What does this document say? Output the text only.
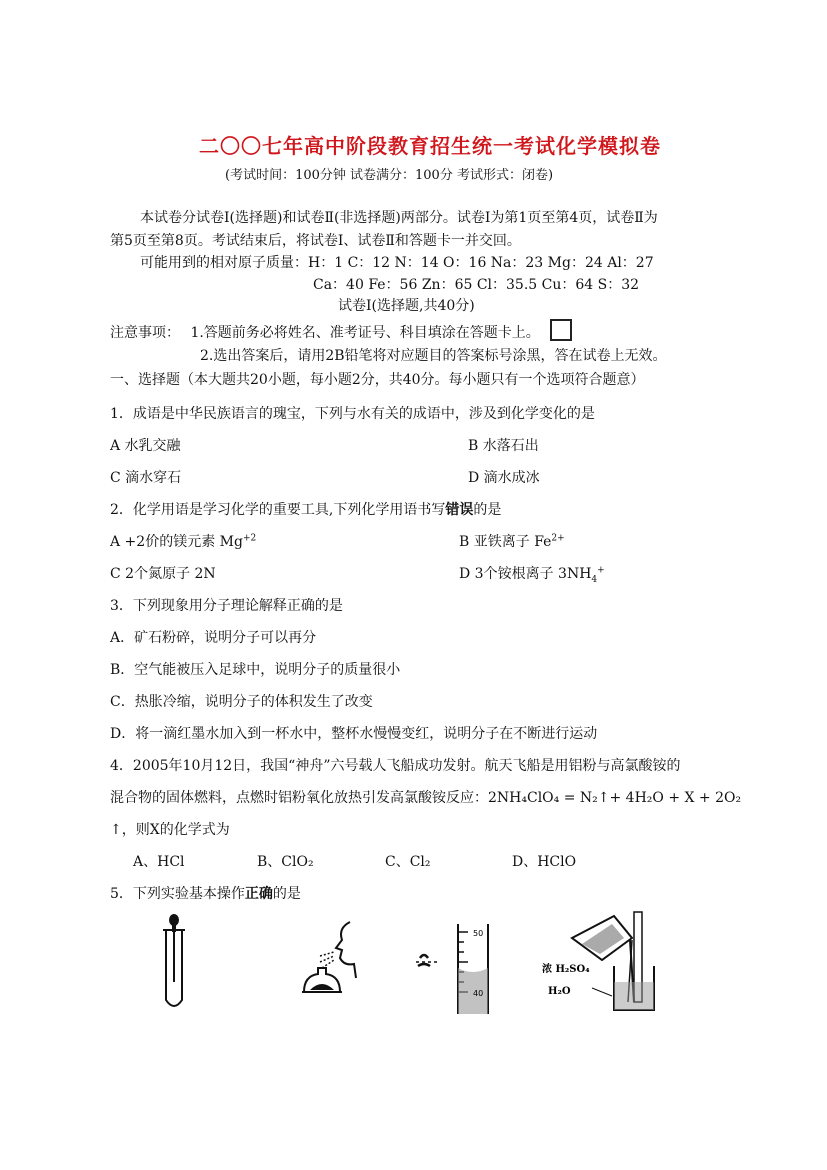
二〇〇七年高中阶段教育招生统一考试化学模拟卷
(考试时间：100分钟 试卷满分：100分 考试形式：闭卷)
本试卷分试卷Ⅰ(选择题)和试卷Ⅱ(非选择题)两部分。试卷Ⅰ为第1页至第4页，试卷Ⅱ为
第5页至第8页。考试结束后，将试卷Ⅰ、试卷Ⅱ和答题卡一并交回。
可能用到的相对原子质量：H：1 C：12 N：14 O：16 Na：23 Mg：24 Al：27
Ca：40 Fe：56 Zn：65 Cl：35.5 Cu：64 S：32
试卷Ⅰ(选择题,共40分)
注意事项： 1.答题前务必将姓名、准考证号、科目填涂在答题卡上。
2.选出答案后，请用2B铅笔将对应题目的答案标号涂黑，答在试卷上无效。
一、选择题（本大题共20小题，每小题2分，共40分。每小题只有一个选项符合题意）
1．成语是中华民族语言的瑰宝，下列与水有关的成语中，涉及到化学变化的是
A 水乳交融	B 水落石出
C 滴水穿石	D 滴水成冰
2．化学用语是学习化学的重要工具,下列化学用语书写错误的是
A +2价的镁元素 $Mg^{+2}$	B 亚铁离子 $Fe^{2+}$
C 2个氮原子 2N	D 3个铵根离子 $3NH_4^+$
3．下列现象用分子理论解释正确的是
A．矿石粉碎，说明分子可以再分
B．空气能被压入足球中，说明分子的质量很小
C．热胀冷缩，说明分子的体积发生了改变
D．将一滴红墨水加入到一杯水中，整杯水慢慢变红，说明分子在不断进行运动
4．2005年10月12日，我国“神舟”六号载人飞船成功发射。航天飞船是用铝粉与高氯酸铵的
混合物的固体燃料，点燃时铝粉氧化放热引发高氯酸铵反应：2NH₄ClO₄ = N₂↑+ 4H₂O + X + 2O₂
↑，则X的化学式为
A、HCl	B、ClO₂	C、Cl₂	D、HClO
5．下列实验基本操作正确的是
50
40
浓 H₂SO₄
H₂O
